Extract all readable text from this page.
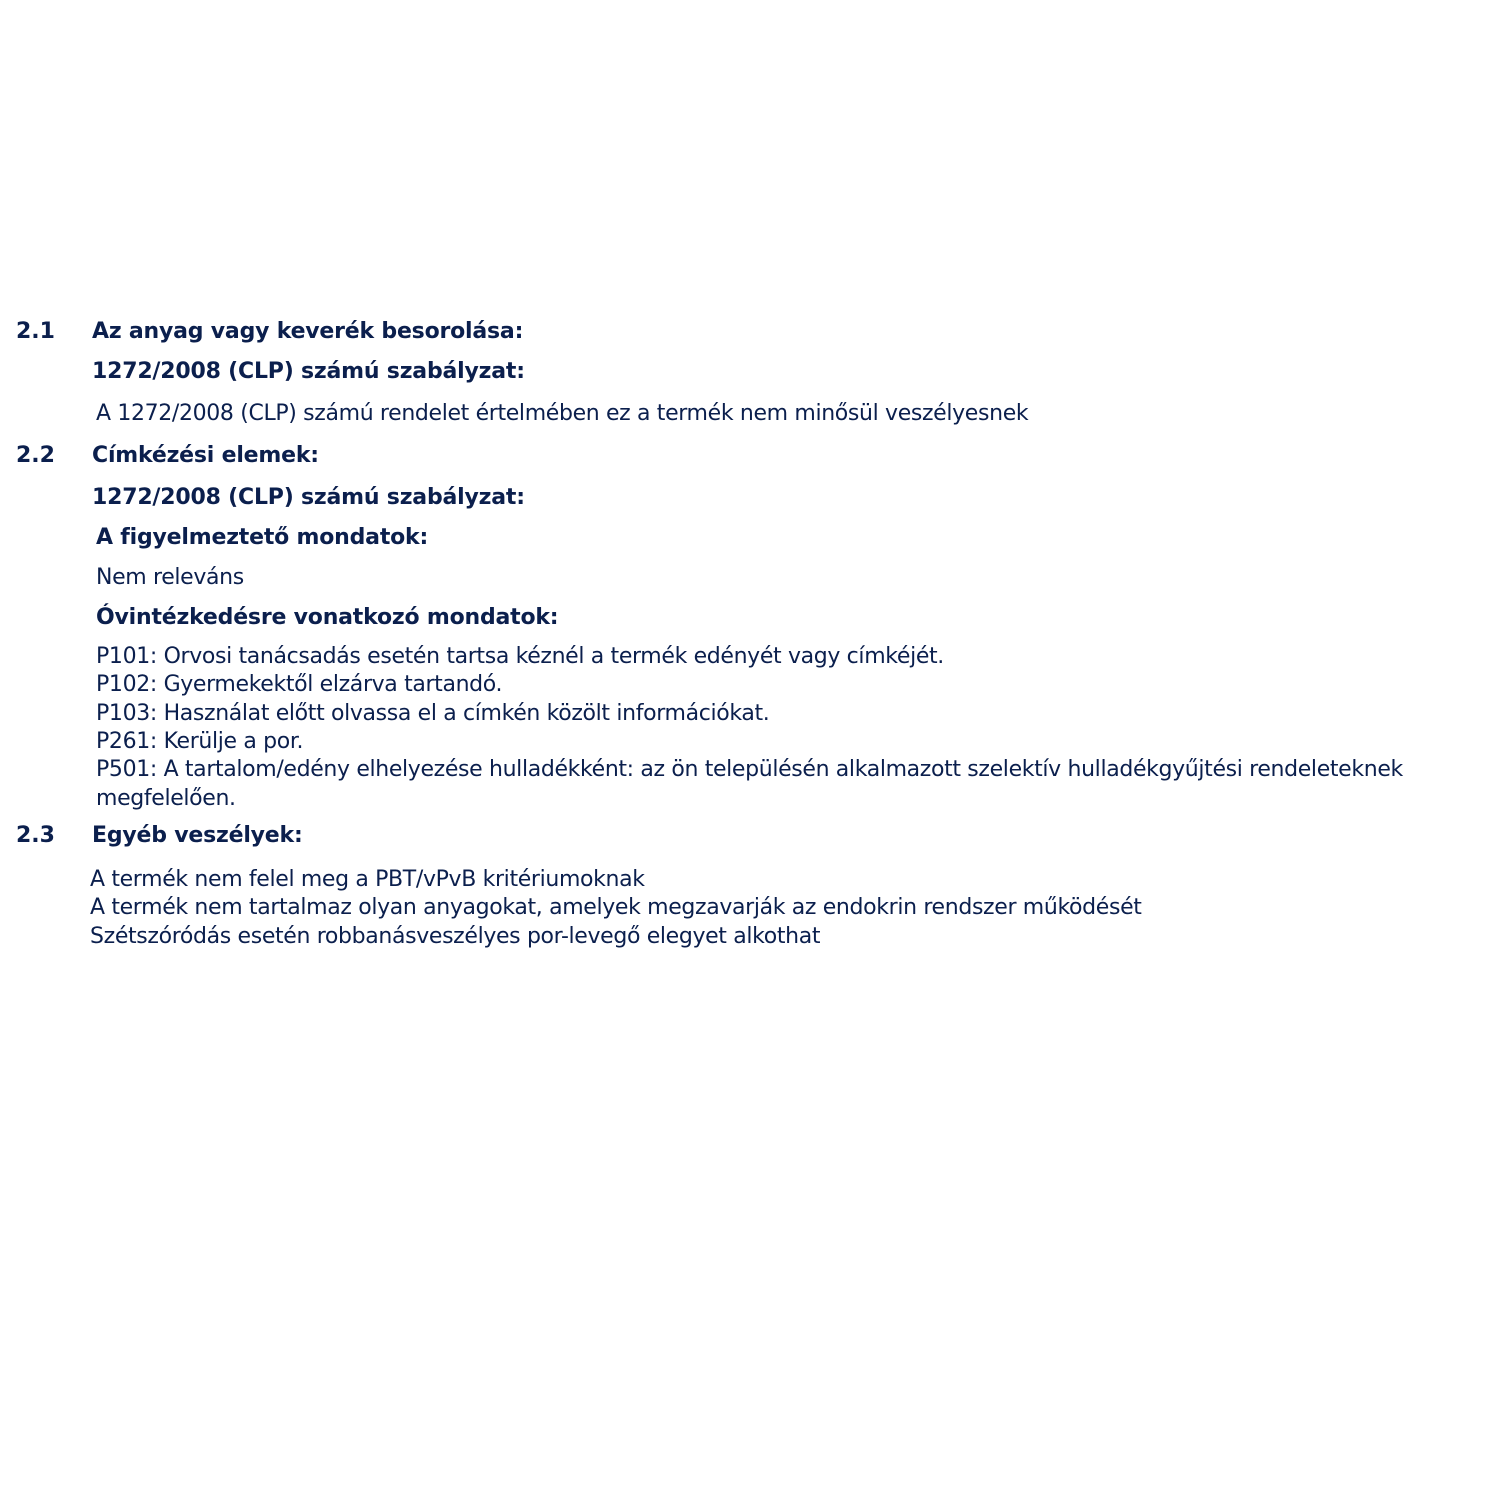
2.1 Az anyag vagy keverék besorolása:
1272/2008 (CLP) számú szabályzat:
A 1272/2008 (CLP) számú rendelet értelmében ez a termék nem minősül veszélyesnek
2.2 Címkézési elemek:
1272/2008 (CLP) számú szabályzat:
A figyelmeztető mondatok:
Nem releváns
Óvintézkedésre vonatkozó mondatok:
P101: Orvosi tanácsadás esetén tartsa kéznél a termék edényét vagy címkéjét.
P102: Gyermekektől elzárva tartandó.
P103: Használat előtt olvassa el a címkén közölt információkat.
P261: Kerülje a por.
P501: A tartalom/edény elhelyezése hulladékként: az ön településén alkalmazott szelektív hulladékgyűjtési rendeleteknek
megfelelően.
2.3 Egyéb veszélyek:
A termék nem felel meg a PBT/vPvB kritériumoknak
A termék nem tartalmaz olyan anyagokat, amelyek megzavarják az endokrin rendszer működését
Szétszóródás esetén robbanásveszélyes por-levegő elegyet alkothat
